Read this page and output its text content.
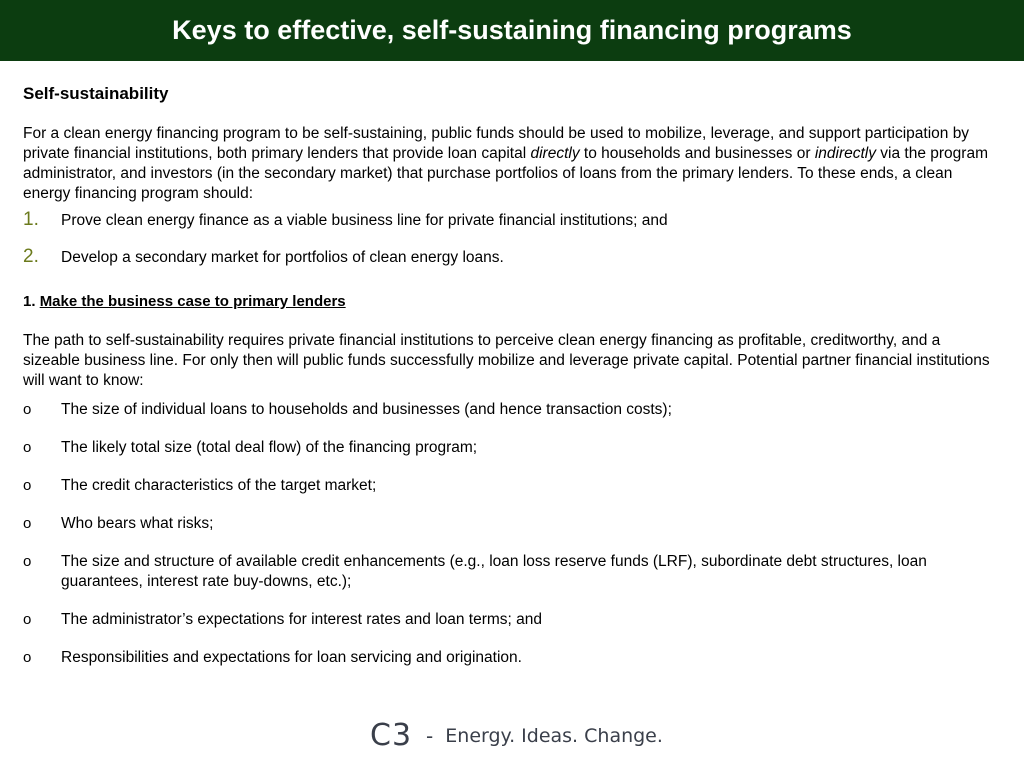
Keys to effective, self-sustaining financing programs

Self-sustainability

For a clean energy financing program to be self-sustaining, public funds should be used to mobilize, leverage, and support participation by private financial institutions, both primary lenders that provide loan capital directly to households and businesses or indirectly via the program administrator, and investors (in the secondary market) that purchase portfolios of loans from the primary lenders. To these ends, a clean energy financing program should:

1.	Prove clean energy finance as a viable business line for private financial institutions; and
2.	Develop a secondary market for portfolios of clean energy loans.

1. Make the business case to primary lenders

The path to self-sustainability requires private financial institutions to perceive clean energy financing as profitable, creditworthy, and a sizeable business line. For only then will public funds successfully mobilize and leverage private capital. Potential partner financial institutions will want to know:

o	The size of individual loans to households and businesses (and hence transaction costs);
o	The likely total size (total deal flow) of the financing program;
o	The credit characteristics of the target market;
o	Who bears what risks;
o	The size and structure of available credit enhancements (e.g., loan loss reserve funds (LRF), subordinate debt structures, loan guarantees, interest rate buy-downs, etc.);
o	The administrator’s expectations for interest rates and loan terms; and
o	Responsibilities and expectations for loan servicing and origination.
C3 - Energy. Ideas. Change.
